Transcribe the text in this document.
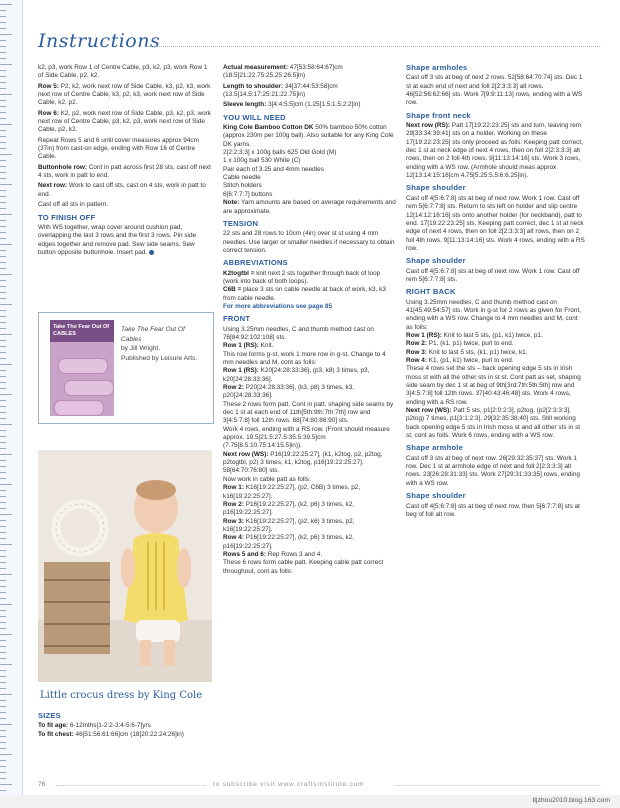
Instructions

k2, p3, work Row 1 of Centre Cable, p3, k2, p3, work Row 1 of Side Cable, p2, k2.

Row 5: P2, k2, work next row of Side Cable, k3, p2, k3, work next row of Centre Cable, k3, p2, k3, work next row of Side Cable, k2, p2.

Row 6: K2, p2, work next row of Side Cable, p3, k2, p3, work next row of Centre Cable, p3, k2, p3, work next row of Side Cable, p2, k2.

Repeat Rows 5 and 6 until cover measures approx 94cm (37in) from cast-on edge, ending with Row 16 of Centre Cable.

Buttonhole row: Cont in patt across first 28 sts, cast off next 4 sts, work in patt to end.

Next row: Work to cast off sts, cast on 4 sts, work in patt to end.

Cast off all sts in pattern.

TO FINISH OFF

With WS together, wrap cover around cushion pad, overlapping the last 3 rows and the first 3 rows. Pin side edges together and remove pad. Sew side seams. Sew button opposite buttonhole. Insert pad.

Take The Fear Out Of CABLES
Take The Fear Out Of Cables
by Jill Wright.
Published by Leisure Arts.
Little crocus dress by King Cole
SIZES

To fit age: 6-12mths[1-2:2-3:4-5:6-7]yrs

To fit chest: 46[51:56:61:66]cm (18[20:22:24:26]in)

Actual measurement: 47[53:58:64:67]cm (18.5[21:22.75:25.25:26.5]in)

Length to shoulder: 34[37:44:53:58]cm (13.5[14.5:17:25:21:22.75]in)

Sleeve length: 3[4:4:5:5]cm (1.25[1.5:1.5:2:2]in)

YOU WILL NEED

King Cole Bamboo Cotton DK 50% bamboo 50% cotton (approx 230m per 100g ball). Also suitable for any King Cole DK yarns.

2[2:2:3:3] x 100g balls 625 Old Gold (M)
1 x 100g ball 530 White (C)
Pair each of 3.25 and 4mm needles
Cable needle
Stitch holders
6[6:7:7:7] buttons

Note: Yarn amounts are based on average requirements and are approximate.

TENSION

22 sts and 28 rows to 10cm (4in) over st st using 4 mm needles. Use larger or smaller needles if necessary to obtain correct tension.

ABBREVIATIONS

K2togtbl = knit next 2 sts together through back of loop (work into back of both loops).

C6B = place 3 sts on cable needle at back of work, k3, k3 from cable needle.

For more abbreviations see page 85

FRONT

Using 3.25mm needles, C and thumb method cast on 76[84:92:102:108] sts.

Row 1 (RS): Knit.

This row forms g-st, work 1 more row in g-st. Change to 4 mm needles and M, cont as folls:

Row 1 (RS): K20[24:28:33:36], (p3, k8) 3 times, p3, k20[24:28:33:36].

Row 2: P20[24:28:33:36], (k3, p8) 3 times, k3, p20[24:28:33:36].

These 2 rows form patt. Cont in patt, shaping side seams by dec 1 st at each end of 11th[5th:9th:7th:7th] row and 3[4:5:7:8] foll 12th rows. 68[74:80:86:90] sts.

Work 4 rows, ending with a RS row. (Front should measure approx. 19.5[21.5:27.5:35.5:39.5]cm (7.75[8.5:10.75:14:15.5]in)).

Next row (WS): P16[19:22:25:27], (k1, k2tog, p2, p2tog, p2togtbl, p2) 3 times, k1, k2tog, p16[19:22:25:27]. 58[64:70:76:80] sts.

Now work in cable patt as folls:

Row 1: K16[19:22:25:27], (p2, C6B) 3 times, p2, k16[19:22:25:27].

Row 2: P16[19:22:25:27], (k2, p6) 3 times, k2, p16[19:22:25:27].

Row 3: K16[19:22:25:27], (p2, k6) 3 times, p2, k16[19:22:25:27].

Row 4: P16[19:22:25:27], (k2, p6) 3 times, k2, p16[19:22:25:27].

Rows 5 and 6: Rep Rows 3 and 4.

These 6 rows form cable patt. Keeping cable patt correct throughout, cont as folls:

Shape armholes

Cast off 3 sts at beg of next 2 rows. 52[58:64:70:74] sts. Dec 1 st at each end of next and foll 2[2:3:3:3] alt rows. 46[52:56:62:66] sts. Work 7[9:9:11:13] rows, ending with a WS row.

Shape front neck

Next row (RS): Patt 17[19:22:23:25] sts and turn, leaving rem 29[33:34:39:41] sts on a holder. Working on these 17[19:22:23:25] sts only proceed as folls: Keeping patt correct, dec 1 st at neck edge of next 4 rows, then on foll 2[2:3:3:3] alt rows, then on 2 foll 4th rows. 9[11:13:14:16] sts. Work 3 rows, ending with a WS row. (Armhole should meas approx 12[13:14:15:16]cm 4.75[5.25:5.5:6:6.25]in).

Shape shoulder

Cast off 4[5:6:7:8] sts at beg of next row. Work 1 row. Cast off rem 5[6:7:7:8] sts. Return to sts left on holder and slip centre 12[14:12:16:16] sts onto another holder (for neckband), patt to end. 17[19:22:23:25] sts. Keeping patt correct, dec 1 st at neck edge of next 4 rows, then on foll 2[2:3:3:3] alt rows, then on 2 foll 4th rows. 9[11:13:14:16] sts. Work 4 rows, ending with a RS row.

Shape shoulder

Cast off 4[5:6:7:8] sts at beg of next row. Work 1 row. Cast off rem 5[6:7:7:8] sts.

RIGHT BACK

Using 3.25mm needles, C and thumb method cast on 41[45:49:54:57] sts. Work in g-st for 2 rows as given for Front, ending with a WS row. Change to 4 mm needles and M, cont as folls:

Row 1 (RS): Knit to last 5 sts, (p1, k1) twice, p1.

Row 2: P1, (k1, p1) twice, purl to end.

Row 3: Knit to last 5 sts, (k1, p1) twice, k1.

Row 4: K1, (p1, k1) twice, purl to end.

These 4 rows set the sts – back opening edge 5 sts in Irish moss st with all the other sts in st st. Cont patt as set, shaping side seam by dec 1 st at beg of 9th[3rd:7th:5th:5th] row and 3[4:5:7:8] foll 12th rows. 37[40:43:46:48] sts. Work 4 rows, ending with a RS row.

Next row (WS): Patt 5 sts, p1[2:0:2:3], p2tog, (p2[2:3:3:3], p2tog) 7 times, p1[3:1:2:3]. 29[32:35:38:40] sts. Still working back opening edge 5 sts in Irish moss st and all other sts in st st, cont as folls: Work 6 rows, ending with a WS row.

Shape armhole

Cast off 3 sts at beg of next row. 26[29:32:35:37] sts. Work 1 row. Dec 1 st at armhole edge of next and foll 2[2:3:3:3] alt rows. 23[26:28:31:33] sts. Work 27[29:31:33:35] rows, ending with a WS row.

Shape shoulder

Cast off 4[5:6:7:8] sts at beg of next row, then 5[6:7:7:8] sts at beg of foll alt row.

76	to subscribe visit www.craftsinstitute.com
tljzhou2010.blog.163.com
